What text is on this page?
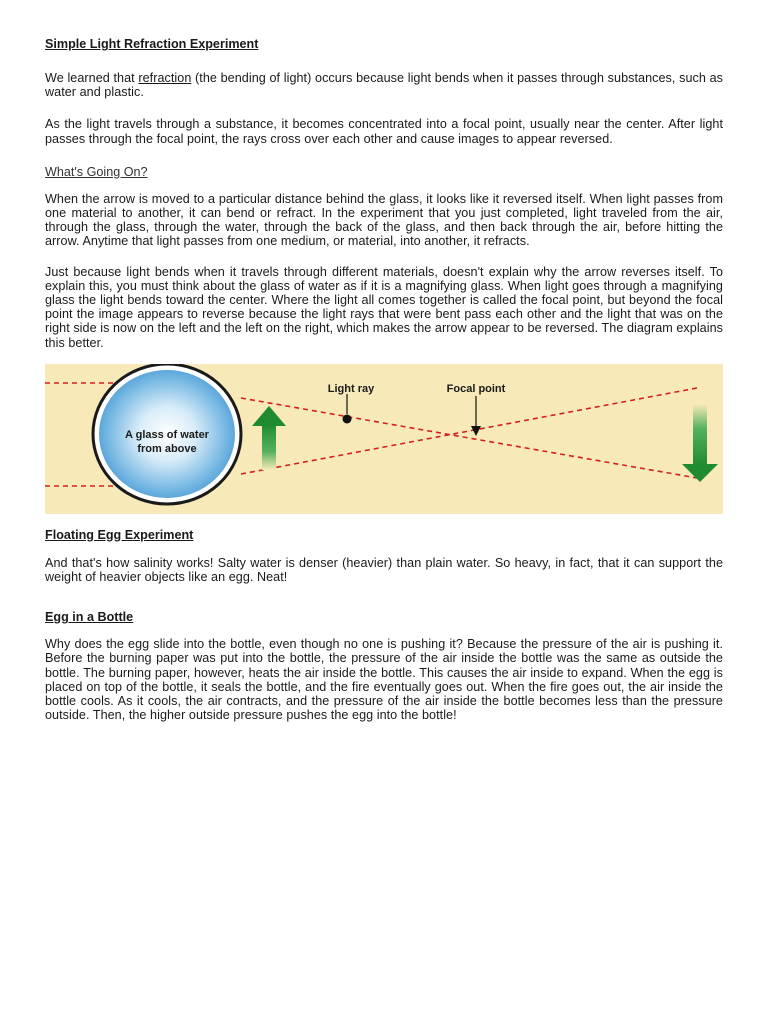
Simple Light Refraction Experiment

We learned that refraction (the bending of light) occurs because light bends when it passes through substances, such as water and plastic.

As the light travels through a substance, it becomes concentrated into a focal point, usually near the center. After light passes through the focal point, the rays cross over each other and cause images to appear reversed.

What's Going On?

When the arrow is moved to a particular distance behind the glass, it looks like it reversed itself. When light passes from one material to another, it can bend or refract. In the experiment that you just completed, light traveled from the air, through the glass, through the water, through the back of the glass, and then back through the air, before hitting the arrow. Anytime that light passes from one medium, or material, into another, it refracts.

Just because light bends when it travels through different materials, doesn't explain why the arrow reverses itself. To explain this, you must think about the glass of water as if it is a magnifying glass. When light goes through a magnifying glass the light bends toward the center. Where the light all comes together is called the focal point, but beyond the focal point the image appears to reverse because the light rays that were bent pass each other and the light that was on the right side is now on the left and the left on the right, which makes the arrow appear to be reversed. The diagram explains this better.

A glass of water
from above
Light ray	Focal point
Floating Egg Experiment

And that's how salinity works! Salty water is denser (heavier) than plain water. So heavy, in fact, that it can support the weight of heavier objects like an egg. Neat!

Egg in a Bottle

Why does the egg slide into the bottle, even though no one is pushing it? Because the pressure of the air is pushing it. Before the burning paper was put into the bottle, the pressure of the air inside the bottle was the same as outside the bottle. The burning paper, however, heats the air inside the bottle. This causes the air inside to expand. When the egg is placed on top of the bottle, it seals the bottle, and the fire eventually goes out. When the fire goes out, the air inside the bottle cools. As it cools, the air contracts, and the pressure of the air inside the bottle becomes less than the pressure outside. Then, the higher outside pressure pushes the egg into the bottle!
